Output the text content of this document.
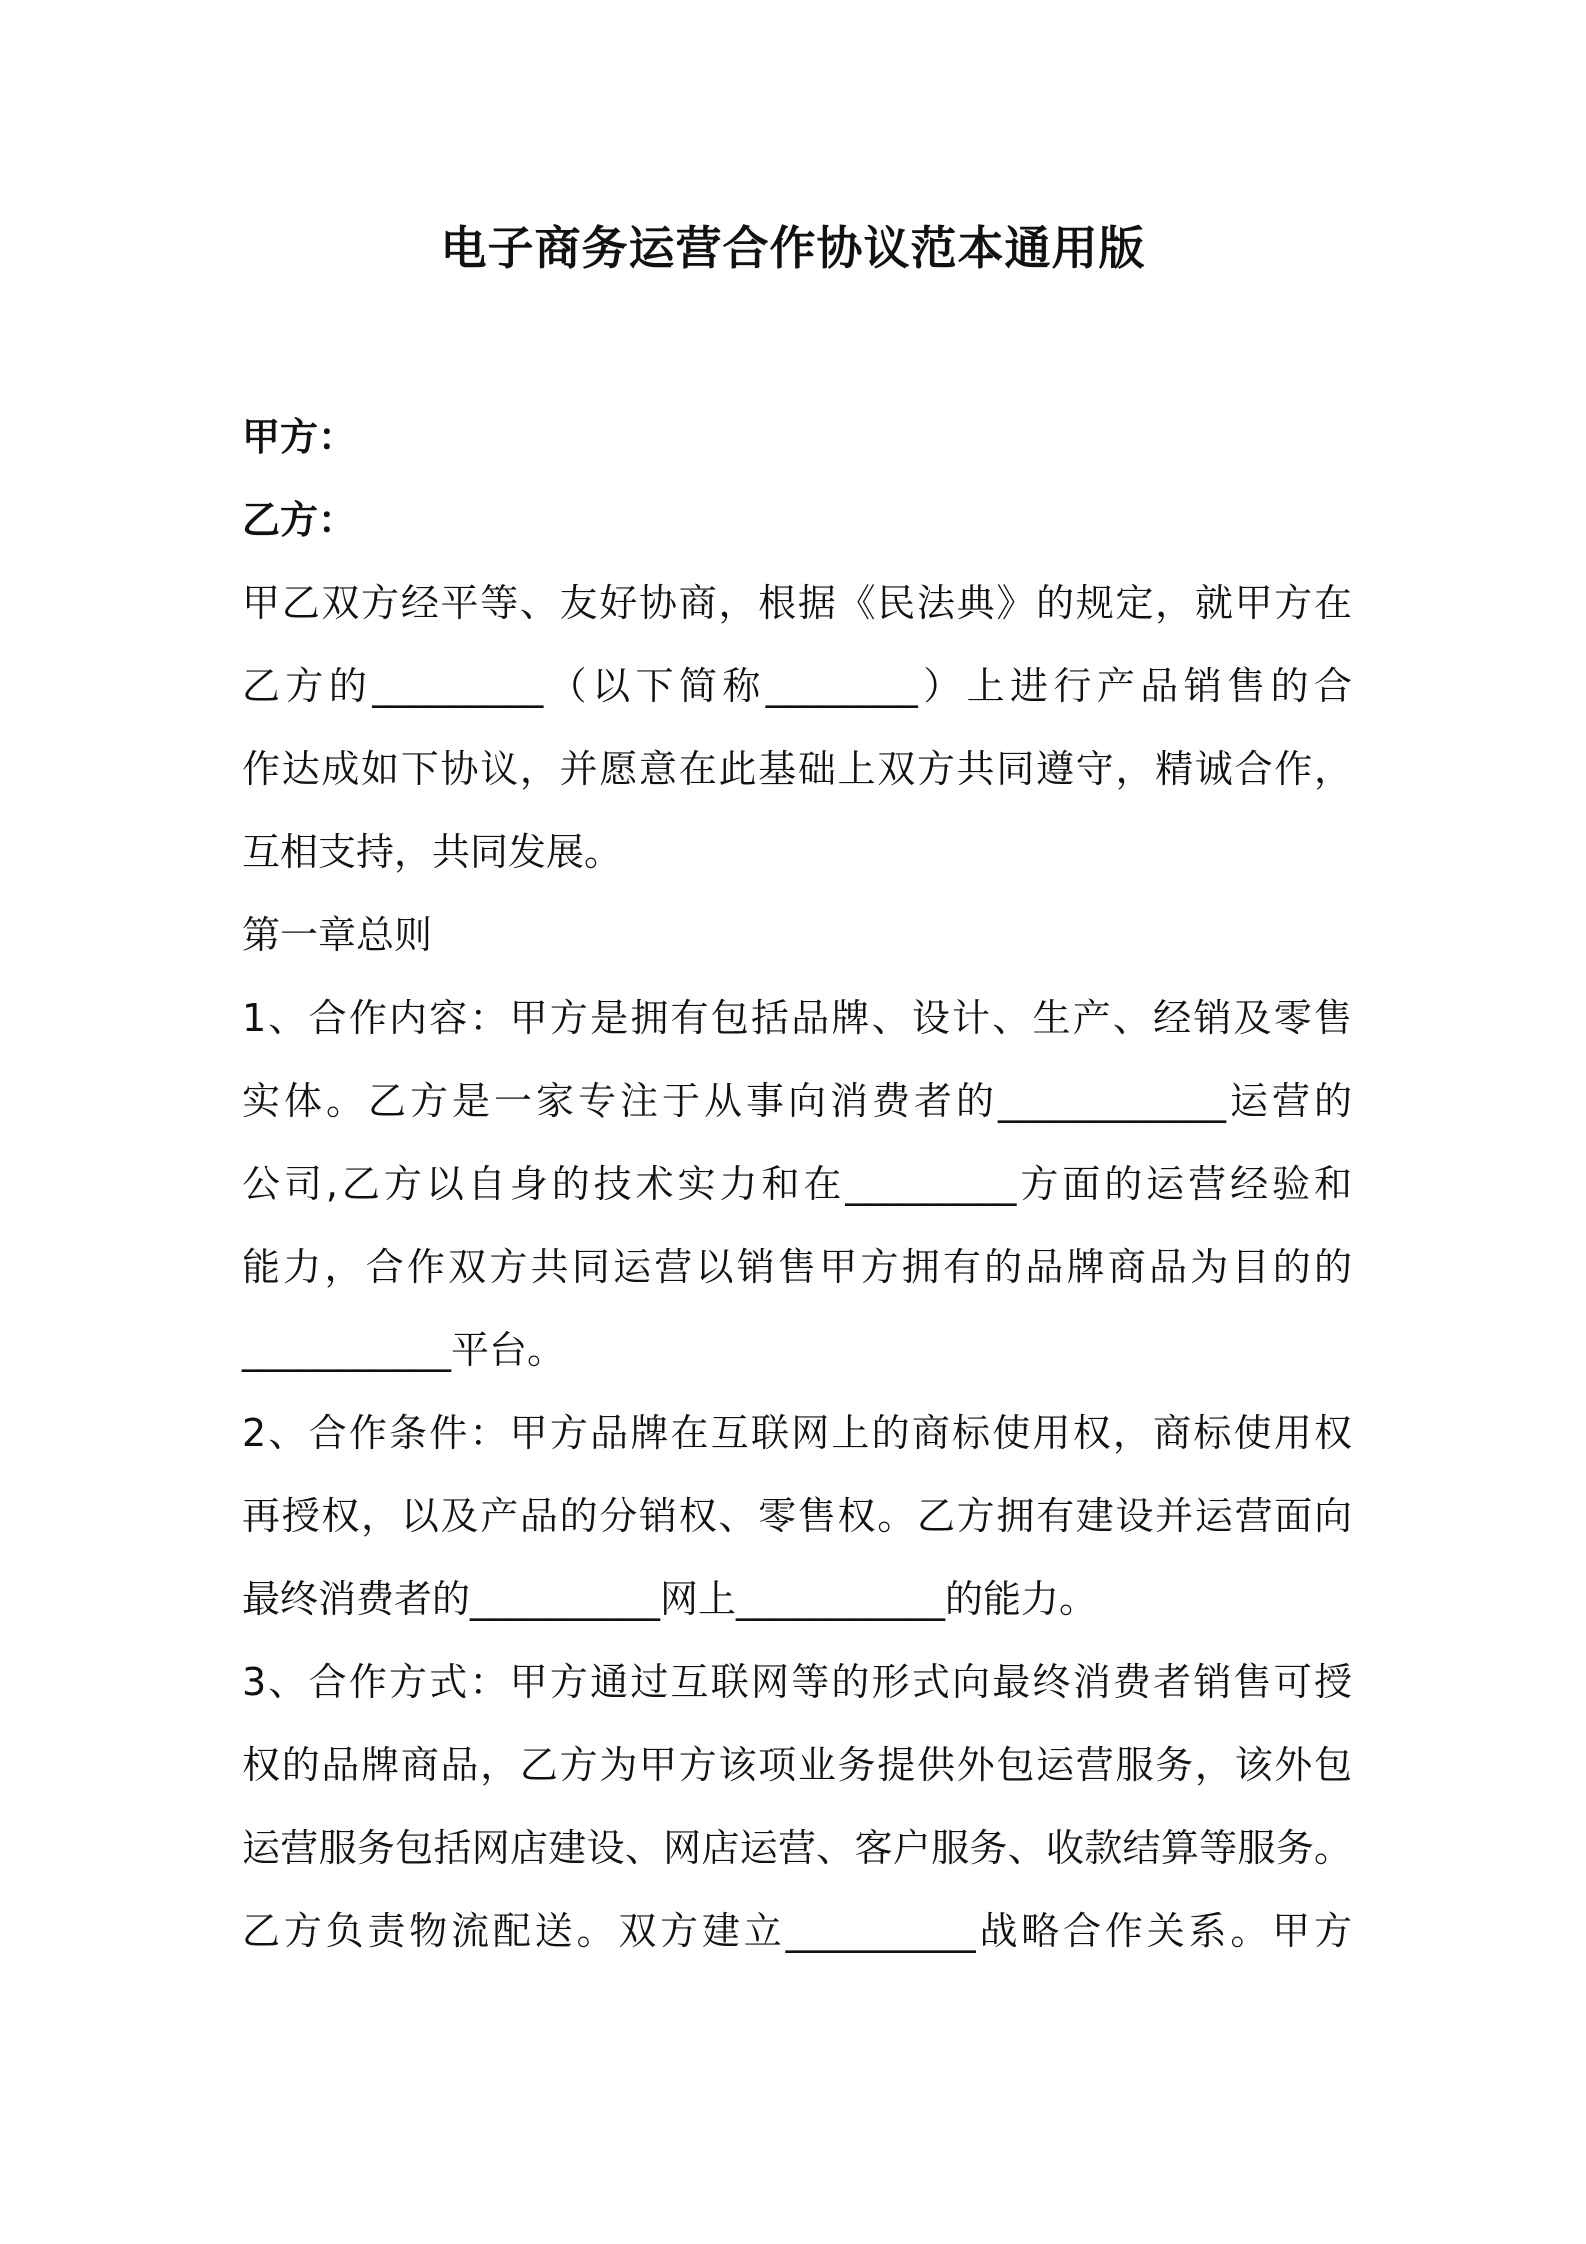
电子商务运营合作协议范本通用版
甲方：
乙方：
甲乙双方经平等、友好协商，根据《民法典》的规定，就甲方在
乙方的_________（以下简称________）上进行产品销售的合
作达成如下协议，并愿意在此基础上双方共同遵守，精诚合作，
互相支持，共同发展。
第一章总则
1、合作内容：甲方是拥有包括品牌、设计、生产、经销及零售
实体。乙方是一家专注于从事向消费者的____________运营的
公司,乙方以自身的技术实力和在_________方面的运营经验和
能力，合作双方共同运营以销售甲方拥有的品牌商品为目的的
___________平台。
2、合作条件：甲方品牌在互联网上的商标使用权，商标使用权
再授权，以及产品的分销权、零售权。乙方拥有建设并运营面向
最终消费者的__________网上___________的能力。
3、合作方式：甲方通过互联网等的形式向最终消费者销售可授
权的品牌商品，乙方为甲方该项业务提供外包运营服务，该外包
运营服务包括网店建设、网店运营、客户服务、收款结算等服务。
乙方负责物流配送。双方建立__________战略合作关系。甲方
